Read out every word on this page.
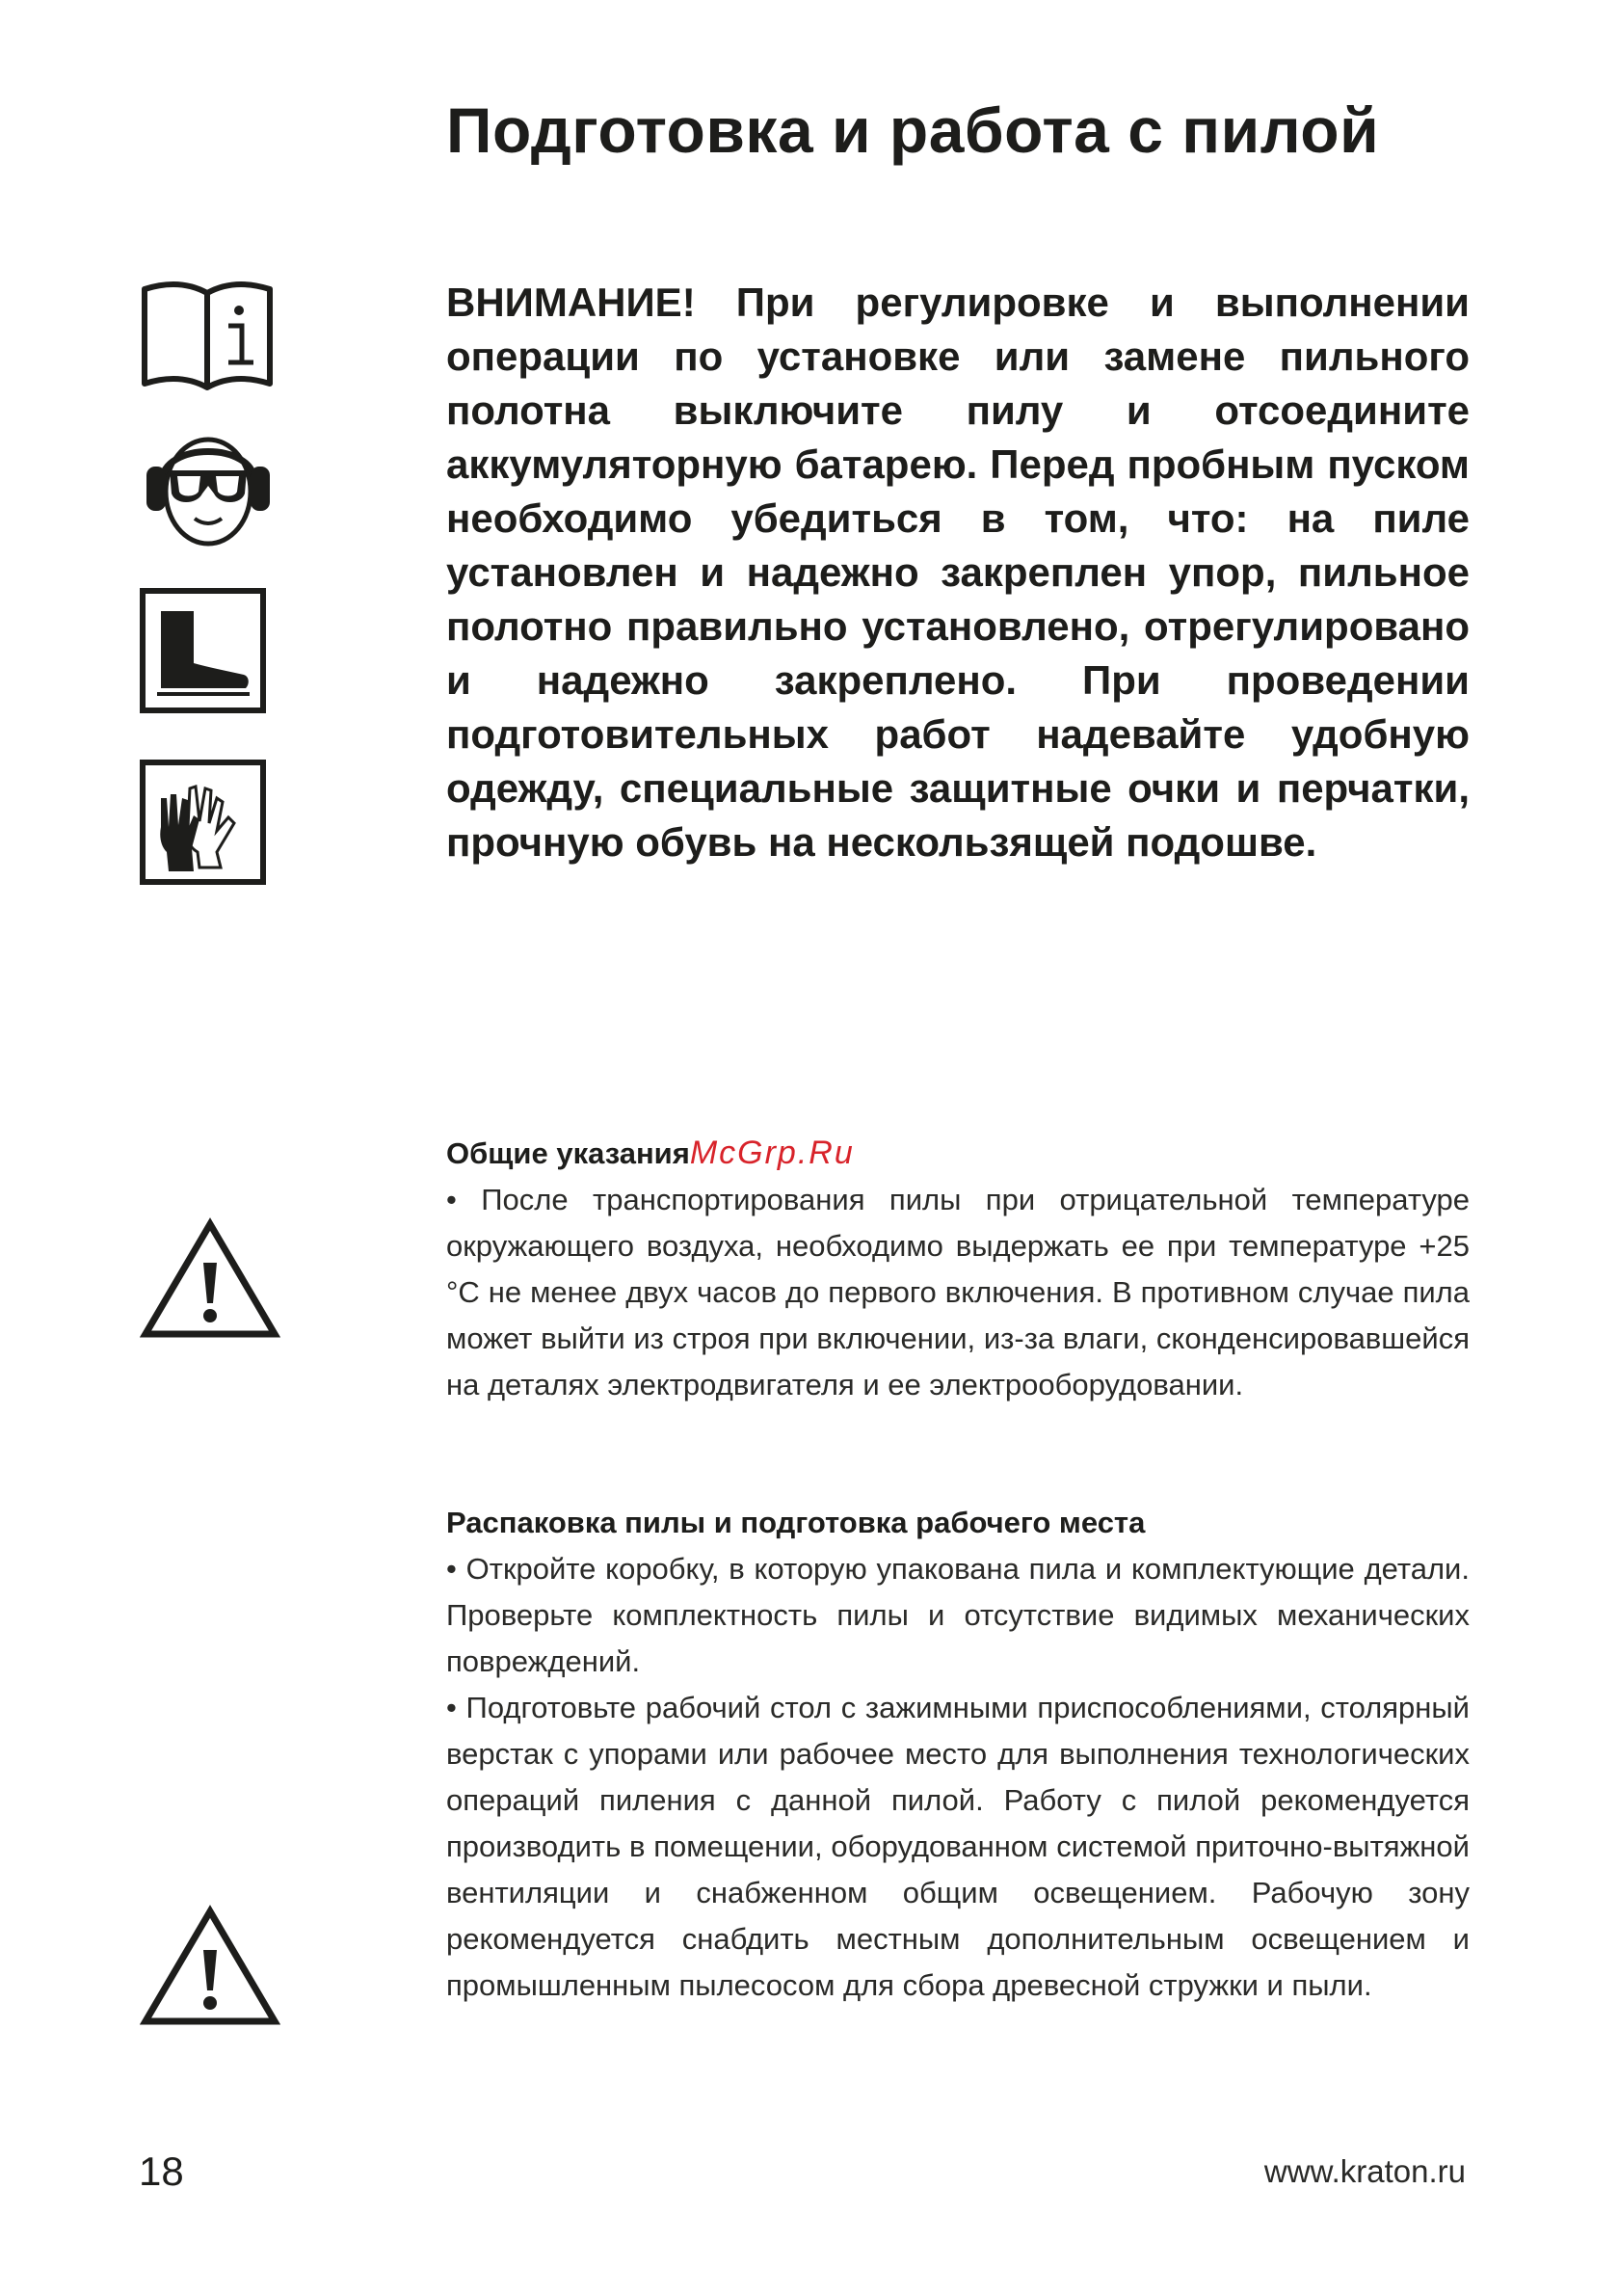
Подготовка и работа с пилой

ВНИМАНИЕ! При регулировке и выполнении операции по установке или замене пильного полотна выключите пилу и отсоедините аккумуляторную батарею. Перед пробным пуском необходимо убедиться в том, что: на пиле установлен и надежно закреплен упор, пильное полотно правильно установлено, отрегулировано и надежно закреплено. При проведении подготовительных работ надевайте удобную одежду, специальные защитные очки и перчатки, прочную обувь на нескользящей подошве.

Общие указанияMcGrp.Ru

• После транспортирования пилы при отрицательной температуре окружающего воздуха, необходимо выдержать ее при температуре +25 °С не менее двух часов до первого включения. В противном случае пила может выйти из строя при включении, из-за влаги, сконденсировавшейся на деталях электродвигателя и ее электрооборудовании.

Распаковка пилы и подготовка рабочего места

• Откройте коробку, в которую упакована пила и комплектующие детали. Проверьте комплектность пилы и отсутствие видимых механических повреждений.

• Подготовьте рабочий стол с зажимными приспособлениями, столярный верстак с упорами или рабочее место для выполнения технологических операций пиления с данной пилой. Работу с пилой рекомендуется производить в помещении, оборудованном системой приточно-вытяжной вентиляции и снабженном общим освещением. Рабочую зону рекомендуется снабдить местным дополнительным освещением и промышленным пылесосом для сбора древесной стружки и пыли.

18	www.kraton.ru
